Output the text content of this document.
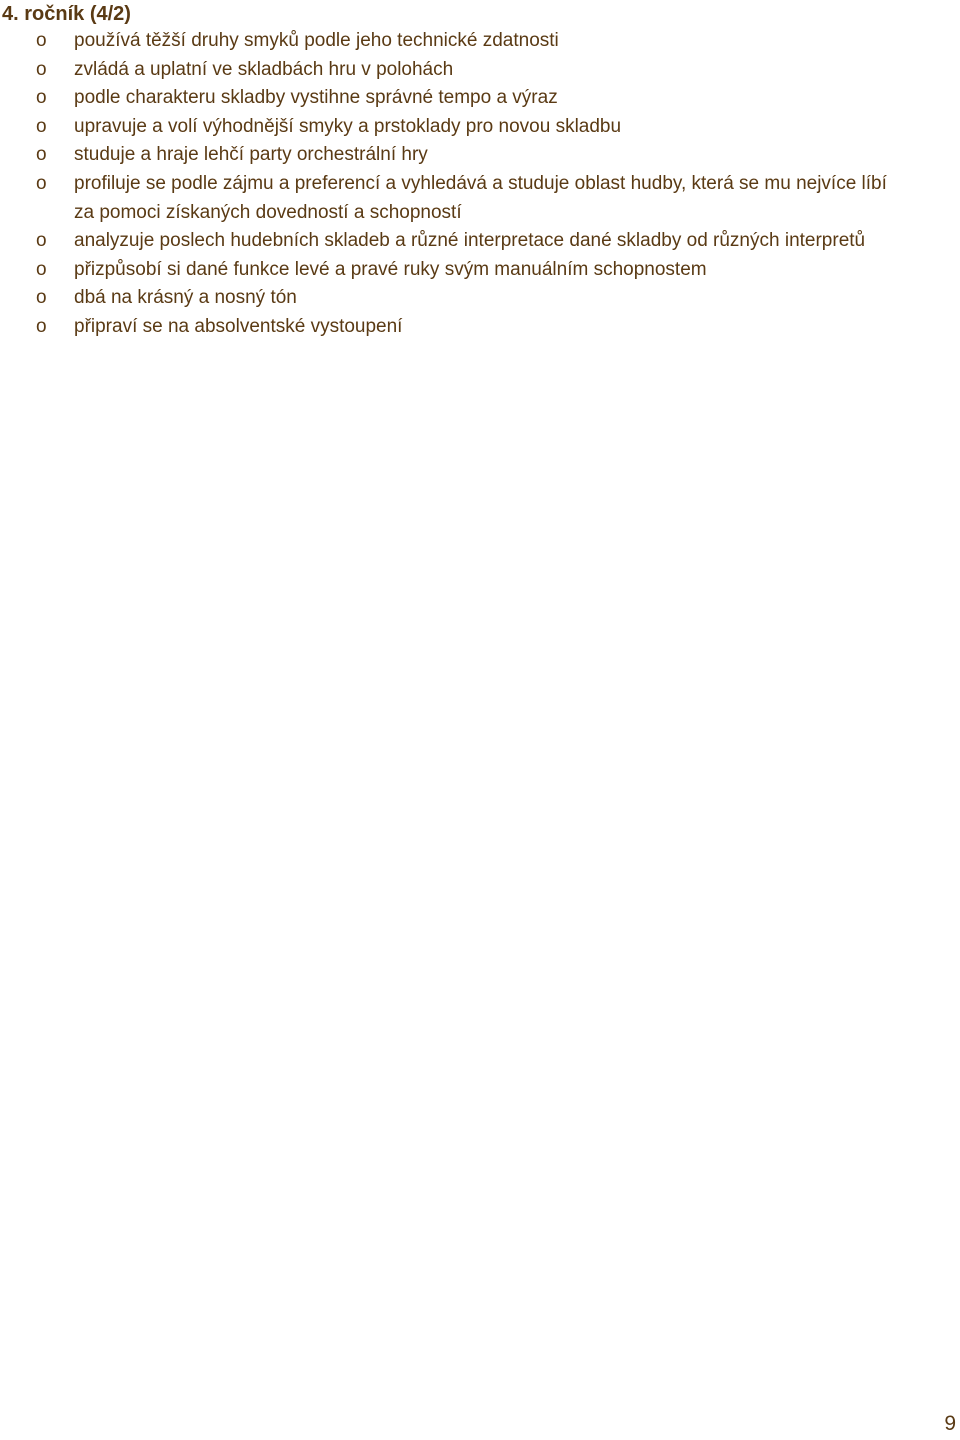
4. ročník (4/2)
o používá těžší druhy smyků podle jeho technické zdatnosti
o zvládá a uplatní ve skladbách hru v polohách
o podle charakteru skladby vystihne správné tempo a výraz
o upravuje a volí výhodnější smyky a prstoklady pro novou skladbu
o studuje a hraje lehčí party orchestrální hry
o profiluje se podle zájmu a preferencí a vyhledává a studuje oblast hudby, která se mu nejvíce líbí za pomoci získaných dovedností a schopností
o analyzuje poslech hudebních skladeb a různé interpretace dané skladby od různých interpretů
o přizpůsobí si dané funkce levé a pravé ruky svým manuálním schopnostem
o dbá na krásný a nosný tón
o připraví se na absolventské vystoupení
9
